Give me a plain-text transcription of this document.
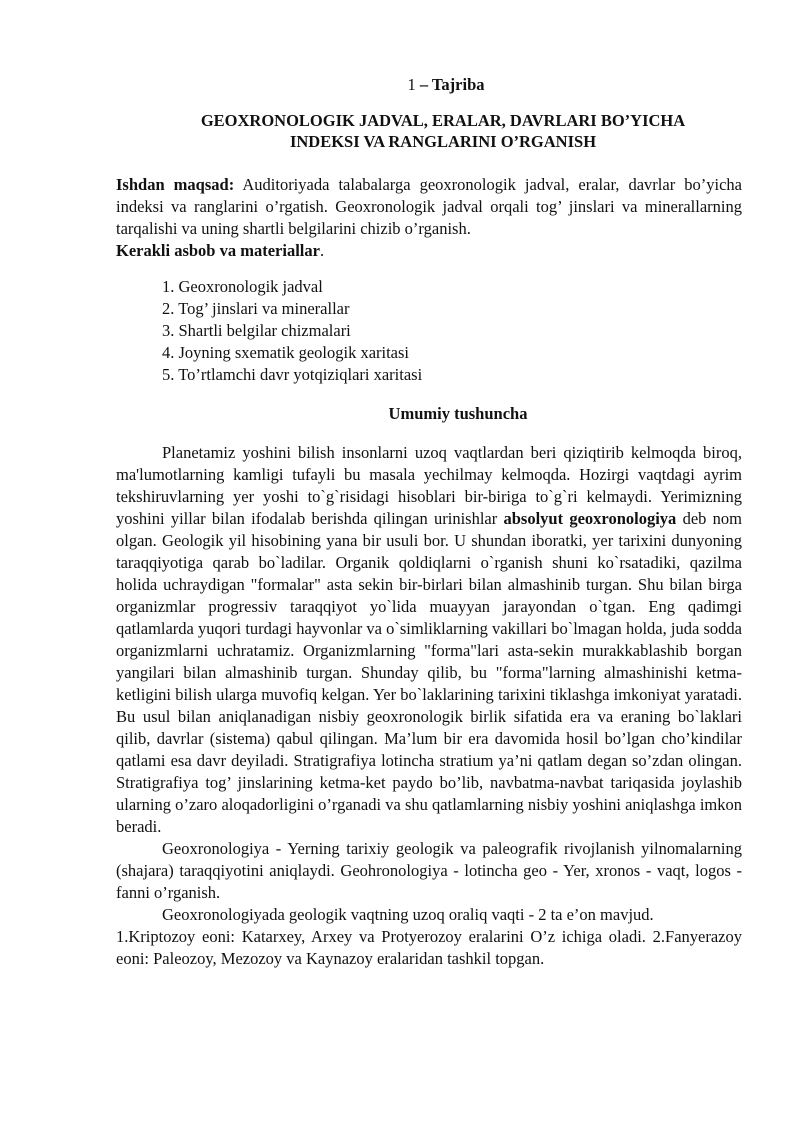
1 – Tajriba
GEOXRONOLOGIK JADVAL, ERALAR, DAVRLARI BO’YICHA
INDEKSI VA RANGLARINI O’RGANISH

Ishdan maqsad: Auditoriyada talabalarga geoxronologik jadval, eralar, davrlar bo’yicha indeksi va ranglarini o’rgatish. Geoxronologik jadval orqali tog’ jinslari va minerallarning tarqalishi va uning shartli belgilarini chizib o’rganish.

Kerakli asbob va materiallar.

1. Geoxronologik jadval
2. Tog’ jinslari va minerallar
3. Shartli belgilar chizmalari
4. Joyning sxematik geologik xaritasi
5. To’rtlamchi davr yotqiziqlari xaritasi
Umumiy tushuncha

Planetamiz yoshini bilish insonlarni uzoq vaqtlardan beri qiziqtirib kelmoqda biroq, ma'lumotlarning kamligi tufayli bu masala yechilmay kelmoqda. Hozirgi vaqtdagi ayrim tekshiruvlarning yer yoshi to`g`risidagi hisoblari bir-biriga to`g`ri kelmaydi. Yerimizning yoshini yillar bilan ifodalab berishda qilingan urinishlar absolyut geoxronologiya deb nom olgan. Geologik yil hisobining yana bir usuli bor. U shundan iboratki, yer tarixini dunyoning taraqqiyotiga qarab bo`ladilar. Organik qoldiqlarni o`rganish shuni ko`rsatadiki, qazilma holida uchraydigan "formalar" asta sekin bir-birlari bilan almashinib turgan. Shu bilan birga organizmlar progressiv taraqqiyot yo`lida muayyan jarayondan o`tgan. Eng qadimgi qatlamlarda yuqori turdagi hayvonlar va o`simliklarning vakillari bo`lmagan holda, juda sodda organizmlarni uchratamiz. Organizmlarning "forma"lari asta-sekin murakkablashib borgan yangilari bilan almashinib turgan. Shunday qilib, bu "forma"larning almashinishi ketma-ketligini bilish ularga muvofiq kelgan. Yer bo`laklarining tarixini tiklashga imkoniyat yaratadi. Bu usul bilan aniqlanadigan nisbiy geoxronologik birlik sifatida era va eraning bo`laklari qilib, davrlar (sistema) qabul qilingan. Ma’lum bir era davomida hosil bo’lgan cho’kindilar qatlami esa davr deyiladi. Stratigrafiya lotincha stratium ya’ni qatlam degan so’zdan olingan. Stratigrafiya tog’ jinslarining ketma-ket paydo bo’lib, navbatma-navbat tariqasida joylashib ularning o’zaro aloqadorligini o’rganadi va shu qatlamlarning nisbiy yoshini aniqlashga imkon beradi.

Geoxronologiya - Yerning tarixiy geologik va paleografik rivojlanish yilnomalarning (shajara) taraqqiyotini aniqlaydi. Geohronologiya - lotincha geo - Yer, xronos - vaqt, logos - fanni o’rganish.

Geoxronologiyada geologik vaqtning uzoq oraliq vaqti - 2 ta e’on mavjud.

1.Kriptozoy eoni: Katarxey, Arxey va Protyerozoy eralarini O’z ichiga oladi. 2.Fanyerazoy eoni: Paleozoy, Mezozoy va Kaynazoy eralaridan tashkil topgan.
